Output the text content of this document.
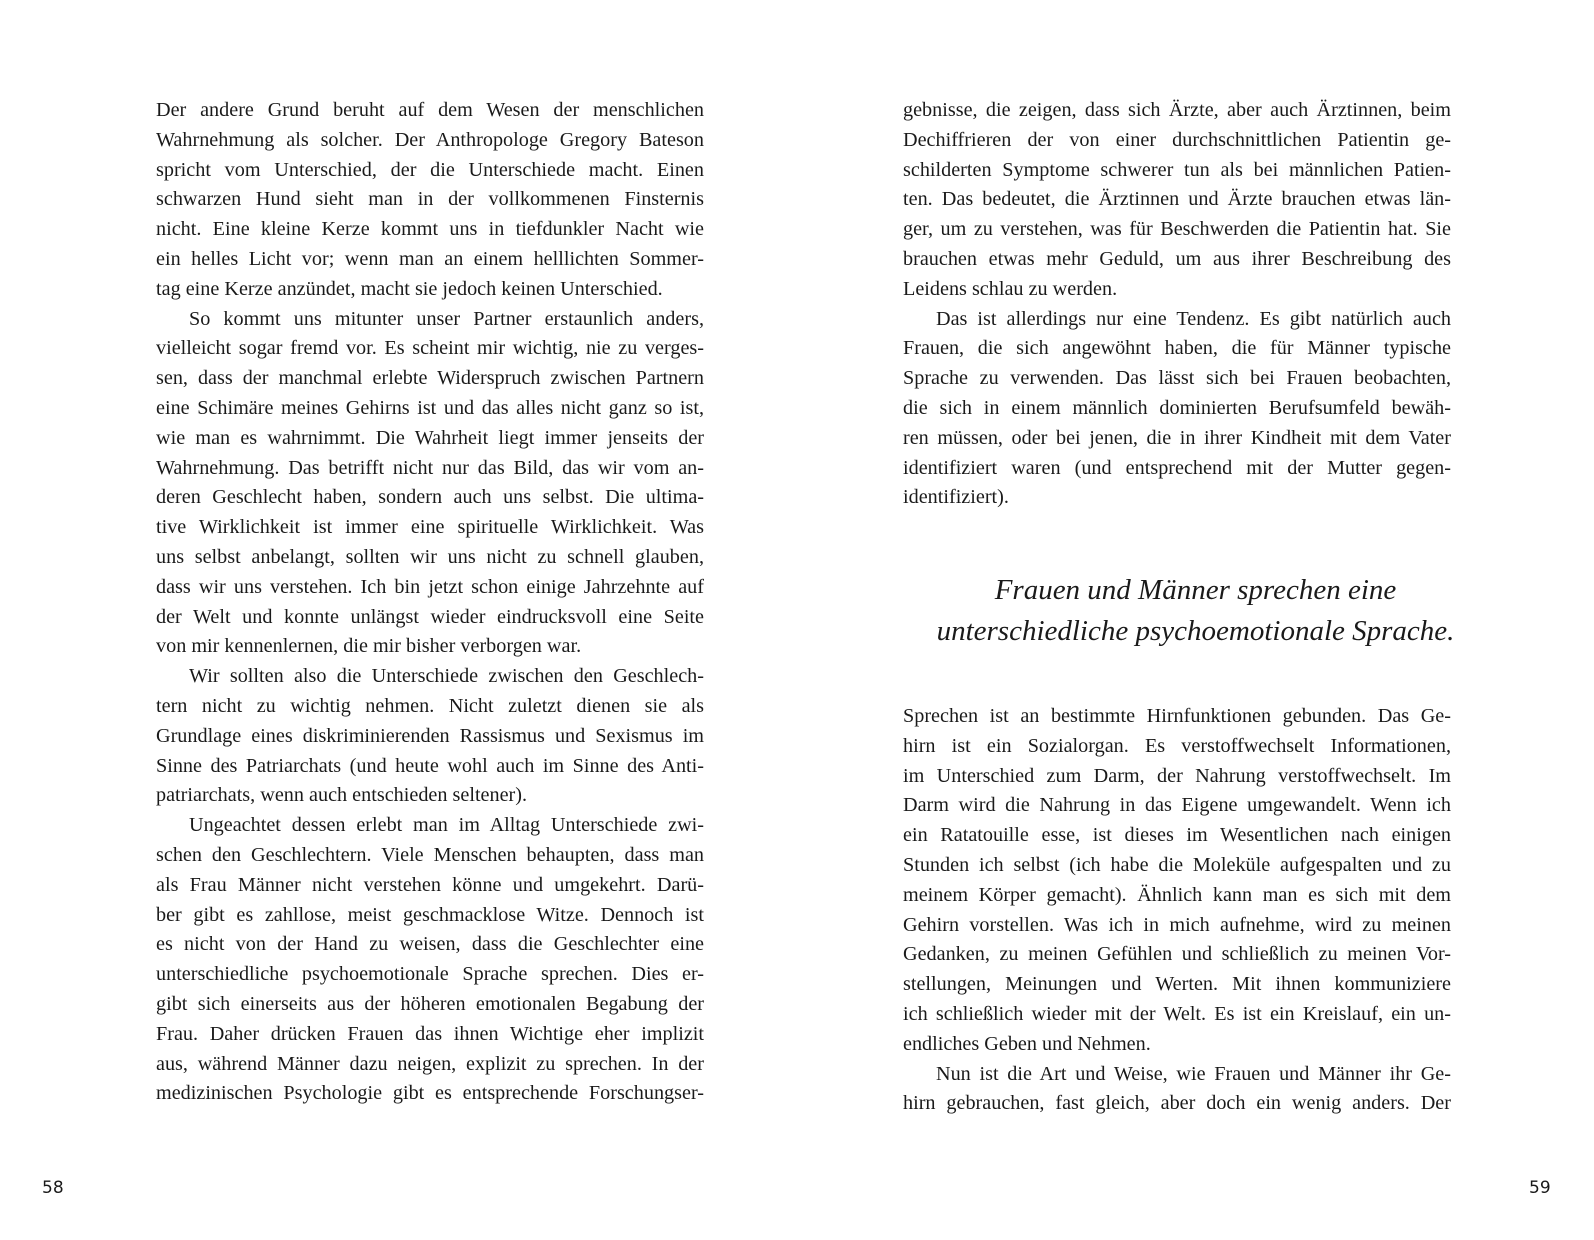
Der andere Grund beruht auf dem Wesen der menschlichen
Wahrnehmung als solcher. Der Anthropologe Gregory Bateson
spricht vom Unterschied, der die Unterschiede macht. Einen
schwarzen Hund sieht man in der vollkommenen Finsternis
nicht. Eine kleine Kerze kommt uns in tiefdunkler Nacht wie
ein helles Licht vor; wenn man an einem helllichten Sommer-
tag eine Kerze anzündet, macht sie jedoch keinen Unterschied.
So kommt uns mitunter unser Partner erstaunlich anders,
vielleicht sogar fremd vor. Es scheint mir wichtig, nie zu verges-
sen, dass der manchmal erlebte Widerspruch zwischen Partnern
eine Schimäre meines Gehirns ist und das alles nicht ganz so ist,
wie man es wahrnimmt. Die Wahrheit liegt immer jenseits der
Wahrnehmung. Das betrifft nicht nur das Bild, das wir vom an-
deren Geschlecht haben, sondern auch uns selbst. Die ultima-
tive Wirklichkeit ist immer eine spirituelle Wirklichkeit. Was
uns selbst anbelangt, sollten wir uns nicht zu schnell glauben,
dass wir uns verstehen. Ich bin jetzt schon einige Jahrzehnte auf
der Welt und konnte unlängst wieder eindrucksvoll eine Seite
von mir kennenlernen, die mir bisher verborgen war.
Wir sollten also die Unterschiede zwischen den Geschlech-
tern nicht zu wichtig nehmen. Nicht zuletzt dienen sie als
Grundlage eines diskriminierenden Rassismus und Sexismus im
Sinne des Patriarchats (und heute wohl auch im Sinne des Anti-
patriarchats, wenn auch entschieden seltener).
Ungeachtet dessen erlebt man im Alltag Unterschiede zwi-
schen den Geschlechtern. Viele Menschen behaupten, dass man
als Frau Männer nicht verstehen könne und umgekehrt. Darü-
ber gibt es zahllose, meist geschmacklose Witze. Dennoch ist
es nicht von der Hand zu weisen, dass die Geschlechter eine
unterschiedliche psychoemotionale Sprache sprechen. Dies er-
gibt sich einerseits aus der höheren emotionalen Begabung der
Frau. Daher drücken Frauen das ihnen Wichtige eher implizit
aus, während Männer dazu neigen, explizit zu sprechen. In der
medizinischen Psychologie gibt es entsprechende Forschungser-
58
gebnisse, die zeigen, dass sich Ärzte, aber auch Ärztinnen, beim
Dechiffrieren der von einer durchschnittlichen Patientin ge-
schilderten Symptome schwerer tun als bei männlichen Patien-
ten. Das bedeutet, die Ärztinnen und Ärzte brauchen etwas län-
ger, um zu verstehen, was für Beschwerden die Patientin hat. Sie
brauchen etwas mehr Geduld, um aus ihrer Beschreibung des
Leidens schlau zu werden.
Das ist allerdings nur eine Tendenz. Es gibt natürlich auch
Frauen, die sich angewöhnt haben, die für Männer typische
Sprache zu verwenden. Das lässt sich bei Frauen beobachten,
die sich in einem männlich dominierten Berufsumfeld bewäh-
ren müssen, oder bei jenen, die in ihrer Kindheit mit dem Vater
identifiziert waren (und entsprechend mit der Mutter gegen-
identifiziert).
Frauen und Männer sprechen eine
unterschiedliche psychoemotionale Sprache.
Sprechen ist an bestimmte Hirnfunktionen gebunden. Das Ge-
hirn ist ein Sozialorgan. Es verstoffwechselt Informationen,
im Unterschied zum Darm, der Nahrung verstoffwechselt. Im
Darm wird die Nahrung in das Eigene umgewandelt. Wenn ich
ein Ratatouille esse, ist dieses im Wesentlichen nach einigen
Stunden ich selbst (ich habe die Moleküle aufgespalten und zu
meinem Körper gemacht). Ähnlich kann man es sich mit dem
Gehirn vorstellen. Was ich in mich aufnehme, wird zu meinen
Gedanken, zu meinen Gefühlen und schließlich zu meinen Vor-
stellungen, Meinungen und Werten. Mit ihnen kommuniziere
ich schließlich wieder mit der Welt. Es ist ein Kreislauf, ein un-
endliches Geben und Nehmen.
Nun ist die Art und Weise, wie Frauen und Männer ihr Ge-
hirn gebrauchen, fast gleich, aber doch ein wenig anders. Der
59
